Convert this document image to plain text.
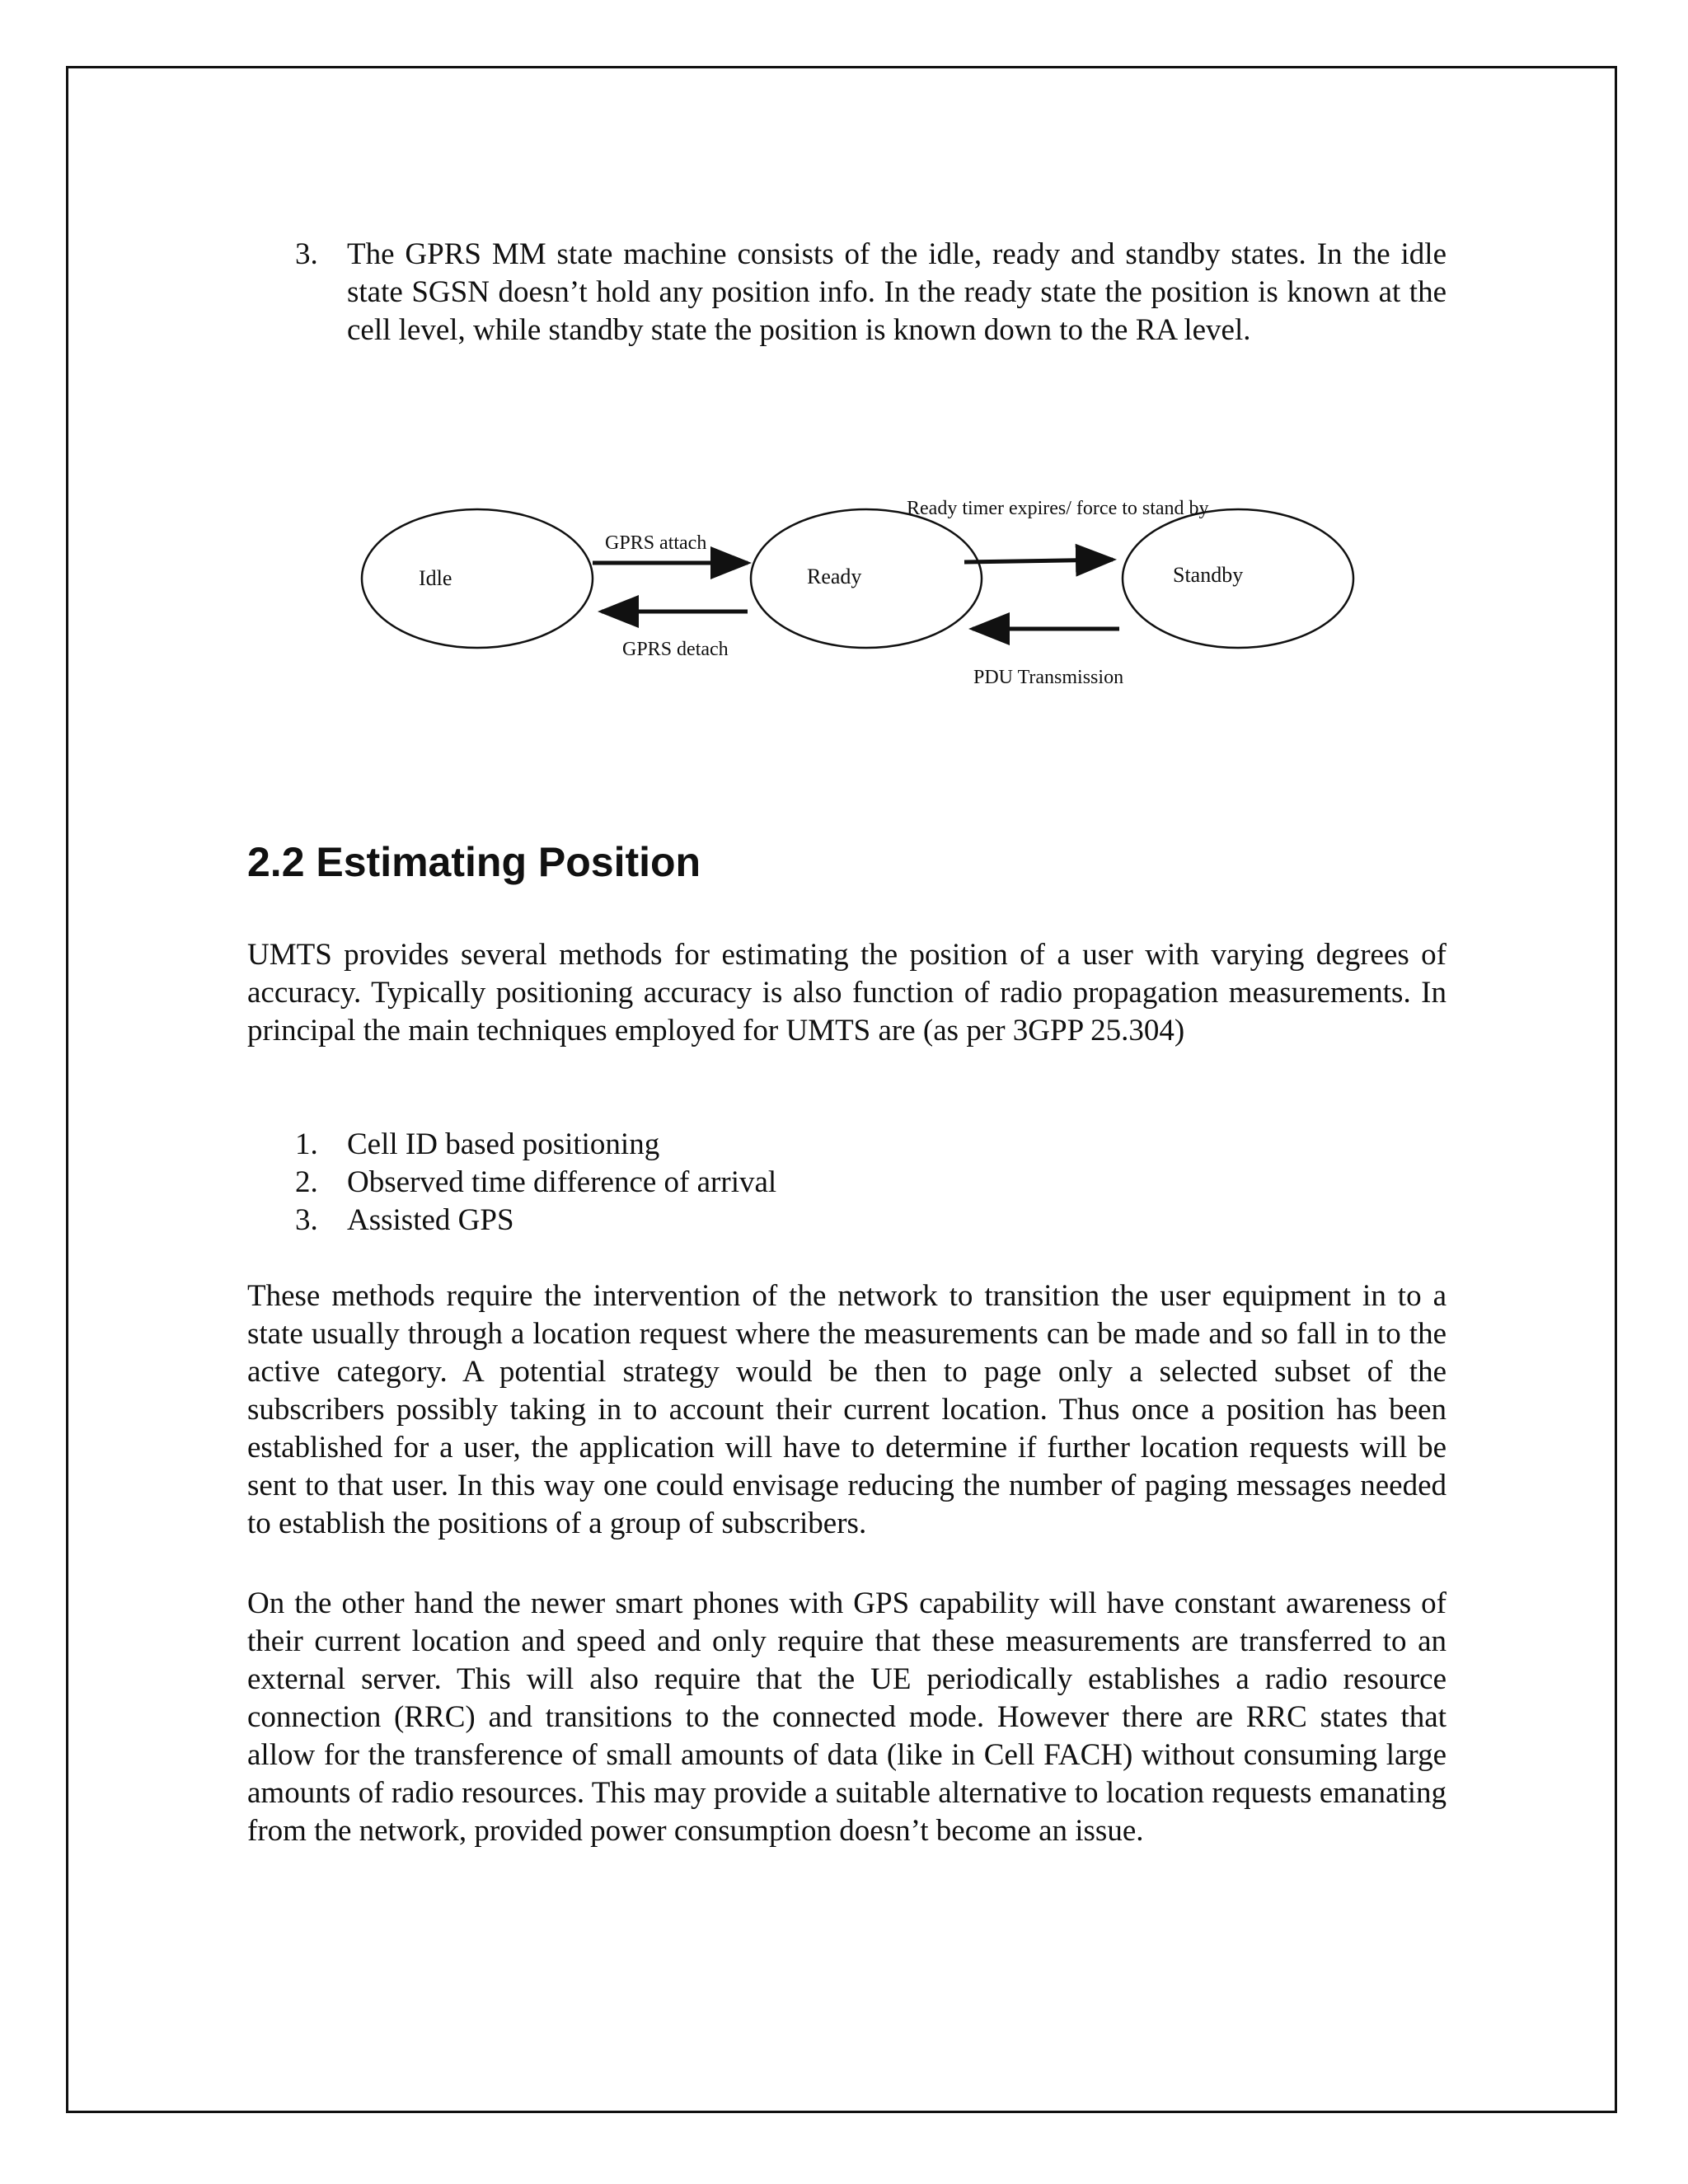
3. The GPRS MM state machine consists of the idle, ready and standby states. In the idle state SGSN doesn’t hold any position info. In the ready state the position is known at the cell level, while standby state the position is known down to the RA level.
Idle	Ready	Standby
GPRS attach
GPRS detach
Ready timer expires/ force to stand by
PDU Transmission
2.2 Estimating Position
UMTS provides several methods for estimating the position of a user with varying degrees of accuracy. Typically positioning accuracy is also function of radio propagation measurements. In principal the main techniques employed for UMTS are (as per 3GPP 25.304)
1. Cell ID based positioning
2. Observed time difference of arrival
3. Assisted GPS
These methods require the intervention of the network to transition the user equipment in to a state usually through a location request where the measurements can be made and so fall in to the active category. A potential strategy would be then to page only a selected subset of the subscribers possibly taking in to account their current location. Thus once a position has been established for a user, the application will have to determine if further location requests will be sent to that user. In this way one could envisage reducing the number of paging messages needed to establish the positions of a group of subscribers.
On the other hand the newer smart phones with GPS capability will have constant awareness of their current location and speed and only require that these measurements are transferred to an external server. This will also require that the UE periodically establishes a radio resource connection (RRC) and transitions to the connected mode. However there are RRC states that allow for the transference of small amounts of data (like in Cell FACH) without consuming large amounts of radio resources. This may provide a suitable alternative to location requests emanating from the network, provided power consumption doesn’t become an issue.
